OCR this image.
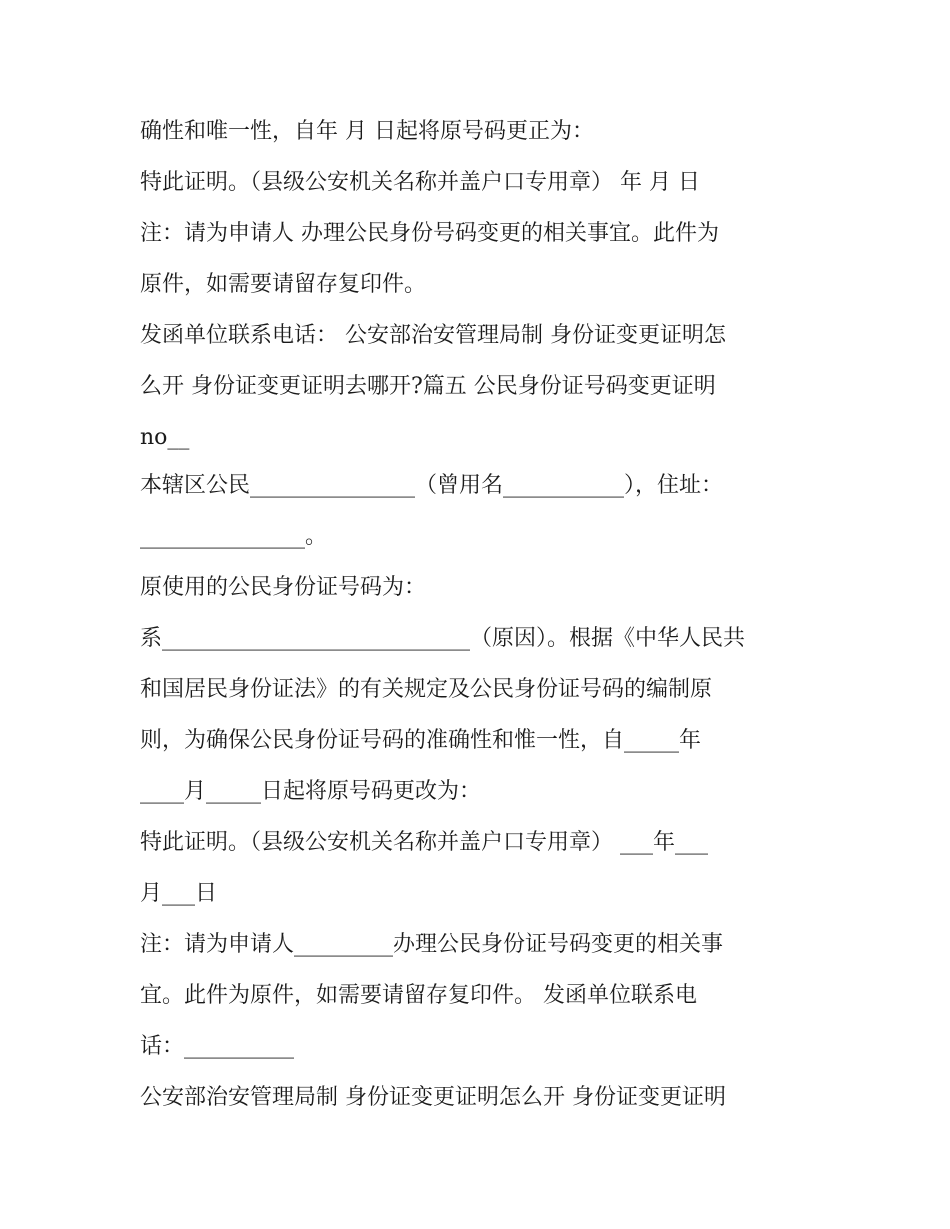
确性和唯一性，自年 月 日起将原号码更正为：

特此证明。（县级公安机关名称并盖户口专用章） 年 月 日

注：请为申请人 办理公民身份号码变更的相关事宜。此件为

原件，如需要请留存复印件。

发函单位联系电话： 公安部治安管理局制 身份证变更证明怎

么开 身份证变更证明去哪开?篇五 公民身份证号码变更证明

no__

本辖区公民_______________（曾用名___________），住址：

_______________。

原使用的公民身份证号码为：

系____________________________（原因）。根据《中华人民共

和国居民身份证法》的有关规定及公民身份证号码的编制原

则，为确保公民身份证号码的准确性和惟一性，自_____年

____月_____日起将原号码更改为：

特此证明。（县级公安机关名称并盖户口专用章） ___年___

月___日

注：请为申请人_________办理公民身份证号码变更的相关事

宜。此件为原件，如需要请留存复印件。 发函单位联系电

话：__________

公安部治安管理局制 身份证变更证明怎么开 身份证变更证明
